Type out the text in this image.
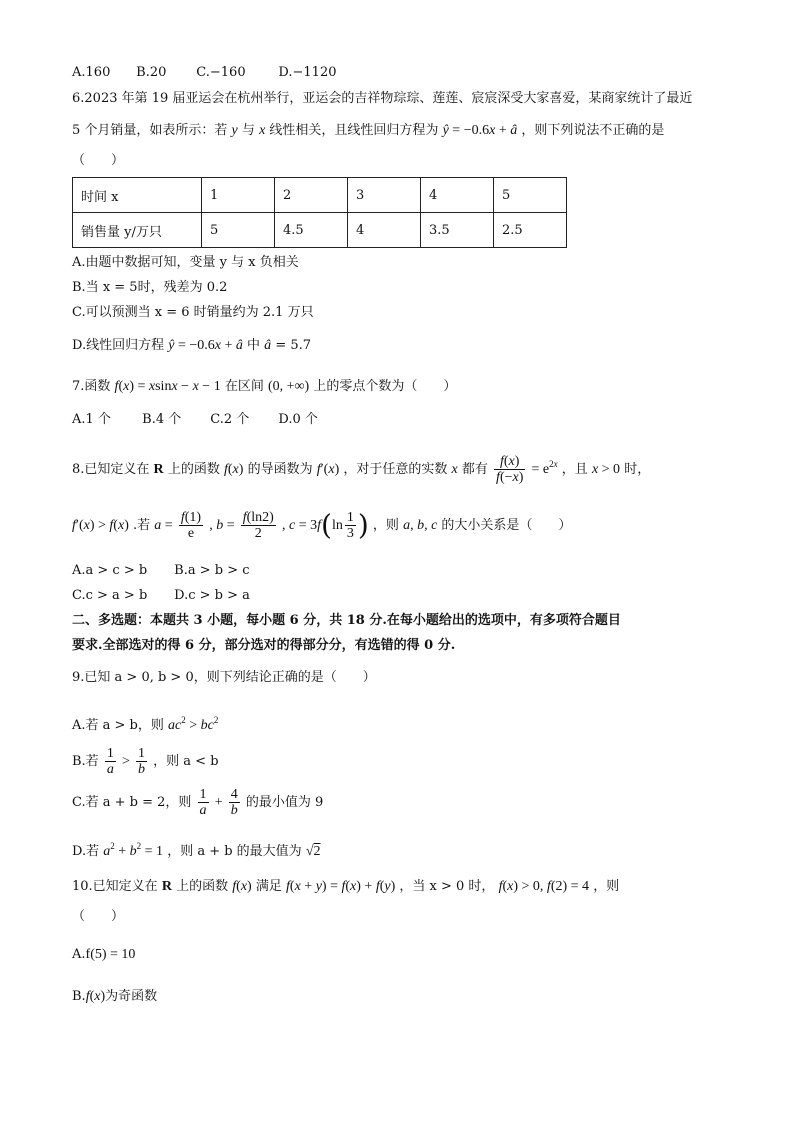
A.160 B.20 C.−160	D.−1120
6.2023 年第 19 届亚运会在杭州举行，亚运会的吉祥物琮琮、莲莲、宸宸深受大家喜爱，某商家统计了最近
5 个月销量，如表所示：若 y 与 x 线性相关，且线性回归方程为 ŷ = −0.6x + â ，则下列说法不正确的是
（　　）
时间 x	1	2	3	4	5
销售量 y/万只	5	4.5	4	3.5	2.5
A.由题中数据可知，变量 y 与 x 负相关
B.当 x = 5时，残差为 0.2
C.可以预测当 x = 6 时销量约为 2.1 万只
D.线性回归方程 ŷ = −0.6x + â 中 â = 5.7
7.函数 f(x) = xsinx − x − 1 在区间 (0, +∞) 上的零点个数为（　　）
A.1 个 B.4 个 C.2 个 D.0 个
8.已知定义在 R 上的函数 f(x) 的导函数为 f′(x) ，对于任意的实数 x 都有 $\frac{f(x)}{f(-x)} = e^{2x}$ ，且 x > 0 时，
f′(x) > f(x) .若 $a = \frac{f(1)}{e}$ , $b = \frac{f(\ln 2)}{2}$ , $c = 3f(\ln \frac{1}{3}$ ) ，则 a, b, c 的大小关系是（　　）
A.a > c > b B.a > b > c
C.c > a > b D.c > b > a
二、多选题：本题共 3 小题，每小题 6 分，共 18 分.在每小题给出的选项中，有多项符合题目
要求.全部选对的得 6 分，部分选对的得部分分，有选错的得 0 分.
9.已知 a > 0, b > 0，则下列结论正确的是（　　）
A.若 a > b，则 $ac^2 > bc^2$
B.若 $\frac{1}{a} > \frac{1}{b}$ ，则 a < b
C.若 a + b = 2，则 $\frac{1}{a} + \frac{4}{b}$ 的最小值为 9
D.若 $a^2 + b^2 = 1$ ，则 a + b 的最大值为 √2
10.已知定义在 R 上的函数 f(x) 满足 f(x + y) = f(x) + f(y) ，当 x > 0 时， f(x) > 0, f(2) = 4 ，则
（　　）
A.f(5) = 10
B.f(x)为奇函数
